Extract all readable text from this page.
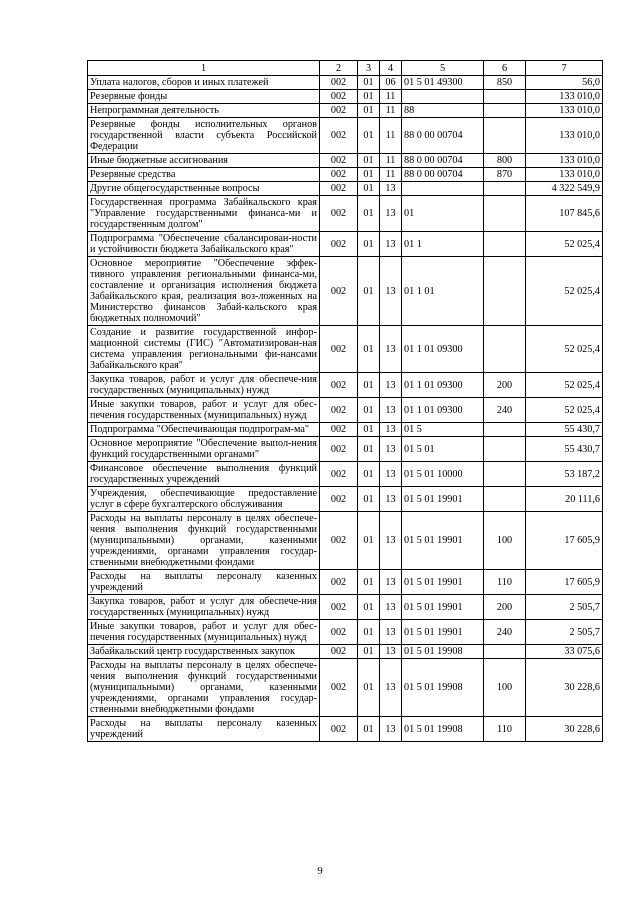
1	2	3	4	5	6	7
Уплата налогов, сборов и иных платежей	002	01	06	01 5 01 49300	850	56,0
Резервные фонды	002	01	11			133 010,0
Непрограммная деятельность	002	01	11	88		133 010,0
Резервные фонды исполнительных органов государственной власти субъекта Российской Федерации	002	01	11	88 0 00 00704		133 010,0
Иные бюджетные ассигнования	002	01	11	88 0 00 00704	800	133 010,0
Резервные средства	002	01	11	88 0 00 00704	870	133 010,0
Другие общегосударственные вопросы	002	01	13			4 322 549,9
Государственная программа Забайкальского края "Управление государственными финанса-ми и государственным долгом"	002	01	13	01		107 845,6
Подпрограмма "Обеспечение сбалансирован-ности и устойчивости бюджета Забайкальского края"	002	01	13	01 1		52 025,4
Основное мероприятие "Обеспечение эффек-тивного управления региональными финанса-ми, составление и организация исполнения бюджета Забайкальского края, реализация воз-ложенных на Министерство финансов Забай-кальского края бюджетных полномочий"	002	01	13	01 1 01		52 025,4
Создание и развитие государственной инфор-мационной системы (ГИС) "Автоматизирован-ная система управления региональными фи-нансами Забайкальского края"	002	01	13	01 1 01 09300		52 025,4
Закупка товаров, работ и услуг для обеспече-ния государственных (муниципальных) нужд	002	01	13	01 1 01 09300	200	52 025,4
Иные закупки товаров, работ и услуг для обес-печения государственных (муниципальных) нужд	002	01	13	01 1 01 09300	240	52 025,4
Подпрограмма "Обеспечивающая подпрограм-ма"	002	01	13	01 5		55 430,7
Основное мероприятие "Обеспечение выпол-нения функций государственными органами"	002	01	13	01 5 01		55 430,7
Финансовое обеспечение выполнения функций государственных учреждений	002	01	13	01 5 01 10000		53 187,2
Учреждения, обеспечивающие предоставление услуг в сфере бухгалтерского обслуживания	002	01	13	01 5 01 19901		20 111,6
Расходы на выплаты персоналу в целях обеспече-чения выполнения функций государственными (муниципальными) органами, казенными учреждениями, органами управления государ-ственными внебюджетными фондами	002	01	13	01 5 01 19901	100	17 605,9
Расходы на выплаты персоналу казенных учреждений	002	01	13	01 5 01 19901	110	17 605,9
Закупка товаров, работ и услуг для обеспече-ния государственных (муниципальных) нужд	002	01	13	01 5 01 19901	200	2 505,7
Иные закупки товаров, работ и услуг для обес-печения государственных (муниципальных) нужд	002	01	13	01 5 01 19901	240	2 505,7
Забайкальский центр государственных закупок	002	01	13	01 5 01 19908		33 075,6
Расходы на выплаты персоналу в целях обеспече-чения выполнения функций государственными (муниципальными) органами, казенными учреждениями, органами управления государ-ственными внебюджетными фондами	002	01	13	01 5 01 19908	100	30 228,6
Расходы на выплаты персоналу казенных учреждений	002	01	13	01 5 01 19908	110	30 228,6
9
